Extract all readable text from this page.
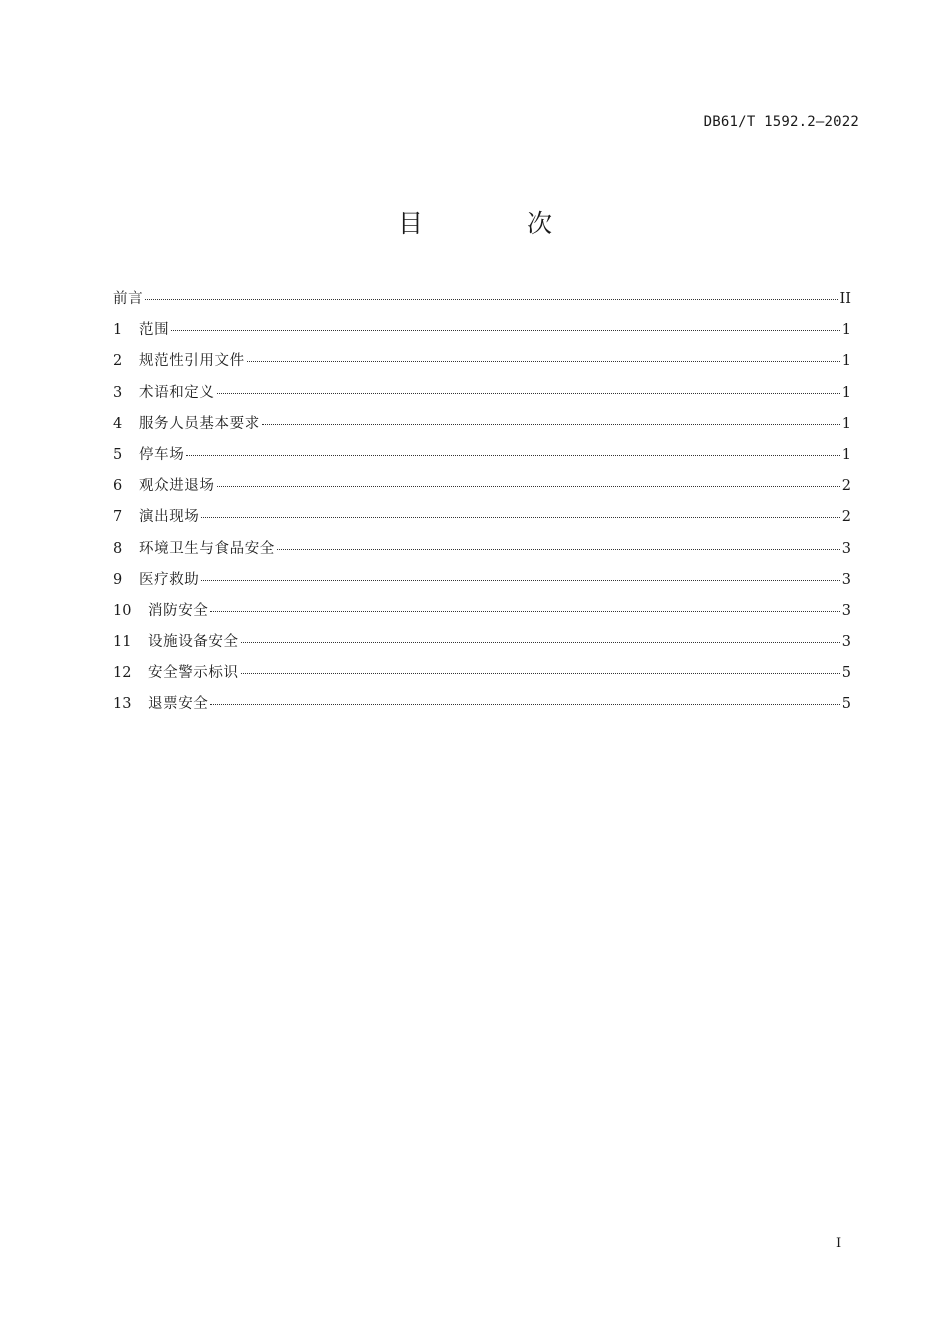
DB61/T 1592.2—2022
目 次
前言	II
1	范围	1
2	规范性引用文件	1
3	术语和定义	1
4	服务人员基本要求	1
5	停车场	1
6	观众进退场	2
7	演出现场	2
8	环境卫生与食品安全	3
9	医疗救助	3
10	消防安全	3
11	设施设备安全	3
12	安全警示标识	5
13	退票安全	5
I
